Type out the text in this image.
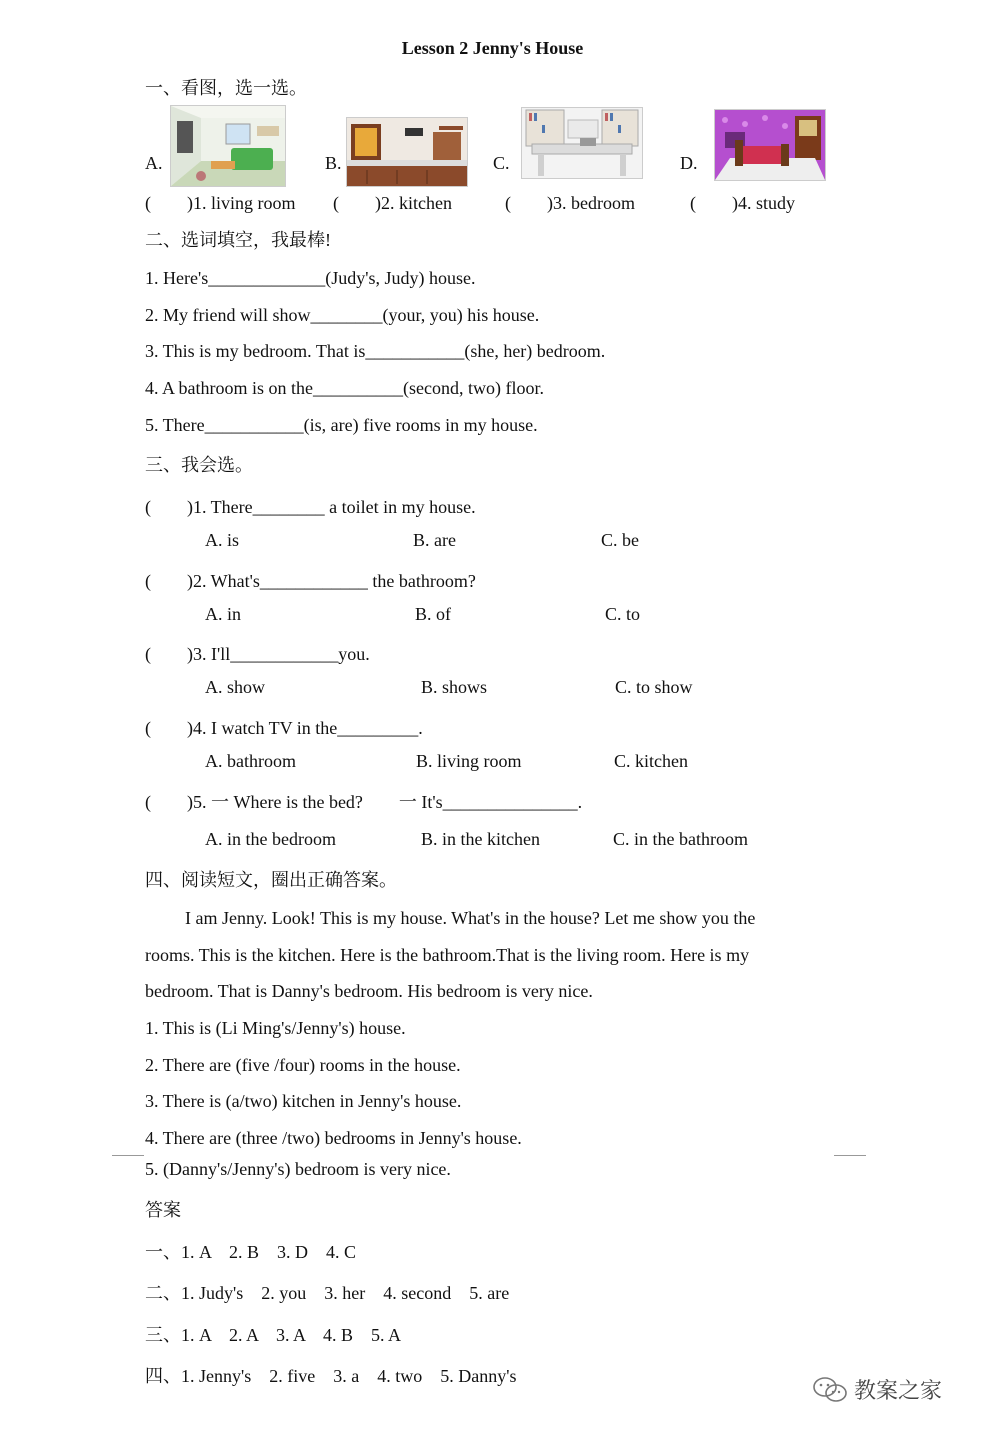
Lesson 2 Jenny's House
一、看图，选一选。
A.	B.	C.	D.
(　　)1. living room (　　)2. kitchen	(　　)3. bedroom	(　　)4. study
二、选词填空，我最棒!
1. Here's_____________(Judy's, Judy) house.
2. My friend will show________(your, you) his house.
3. This is my bedroom. That is___________(she, her) bedroom.
4. A bathroom is on the__________(second, two) floor.
5. There___________(is, are) five rooms in my house.
三、我会选。
(　　)1. There________ a toilet in my house.
A. is	B. are	C. be
(　　)2. What's____________ the bathroom?
A. in	B. of	C. to
(　　)3. I'll____________you.
A. show	B. shows	C. to show
(　　)4. I watch TV in the_________.
A. bathroom	B. living room	C. kitchen
(　　)5. 一 Where is the bed?　　一 It's_______________.
A. in the bedroom	B. in the kitchen	C. in the bathroom
四、阅读短文，圈出正确答案。
I am Jenny. Look! This is my house. What's in the house? Let me show you the
rooms. This is the kitchen. Here is the bathroom.That is the living room. Here is my
bedroom. That is Danny's bedroom. His bedroom is very nice.
1. This is (Li Ming's/Jenny's) house.
2. There are (five /four) rooms in the house.
3. There is (a/two) kitchen in Jenny's house.
4. There are (three /two) bedrooms in Jenny's house.
5. (Danny's/Jenny's) bedroom is very nice.
答案
一、1. A　2. B　3. D　4. C
二、1. Judy's　2. you　3. her　4. second　5. are
三、1. A　2. A　3. A　4. B　5. A
四、1. Jenny's　2. five　3. a　4. two　5. Danny's
教案之家
